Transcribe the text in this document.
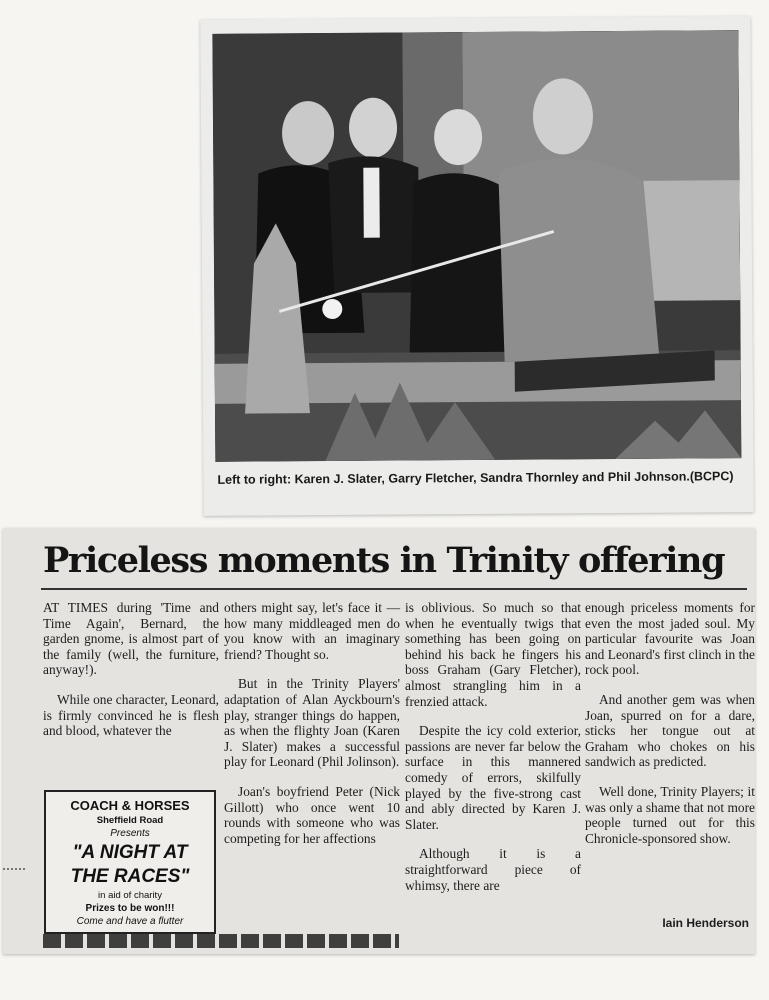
Left to right: Karen J. Slater, Garry Fletcher, Sandra Thornley and Phil Johnson.(BCPC)
Priceless moments in Trinity offering

AT TIMES during 'Time and Time Again', Bernard, the garden gnome, is almost part of the family (well, the furniture, anyway!).

While one character, Leonard, is firmly convinced he is flesh and blood, whatever the

COACH & HORSES
Sheffield Road
Presents
"A NIGHT AT
THE RACES"
in aid of charity
Prizes to be won!!!
Come and have a flutter

others might say, let's face it — how many middleaged men do you know with an imaginary friend? Thought so.

But in the Trinity Players' adaptation of Alan Ayckbourn's play, stranger things do happen, as when the flighty Joan (Karen J. Slater) makes a successful play for Leonard (Phil Jolinson).

Joan's boyfriend Peter (Nick Gillott) who once went 10 rounds with someone who was competing for her affections

is oblivious. So much so that when he eventually twigs that something has been going on behind his back he fingers his boss Graham (Gary Fletcher), almost strangling him in a frenzied attack.

Despite the icy cold exterior, passions are never far below the surface in this mannered comedy of errors, skilfully played by the five-strong cast and ably directed by Karen J. Slater.

Although it is a straightforward piece of whimsy, there are

enough priceless moments for even the most jaded soul. My particular favourite was Joan and Leonard's first clinch in the rock pool.

And another gem was when Joan, spurred on for a dare, sticks her tongue out at Graham who chokes on his sandwich as predicted.

Well done, Trinity Players; it was only a shame that not more people turned out for this Chronicle-sponsored show.

Iain Henderson
